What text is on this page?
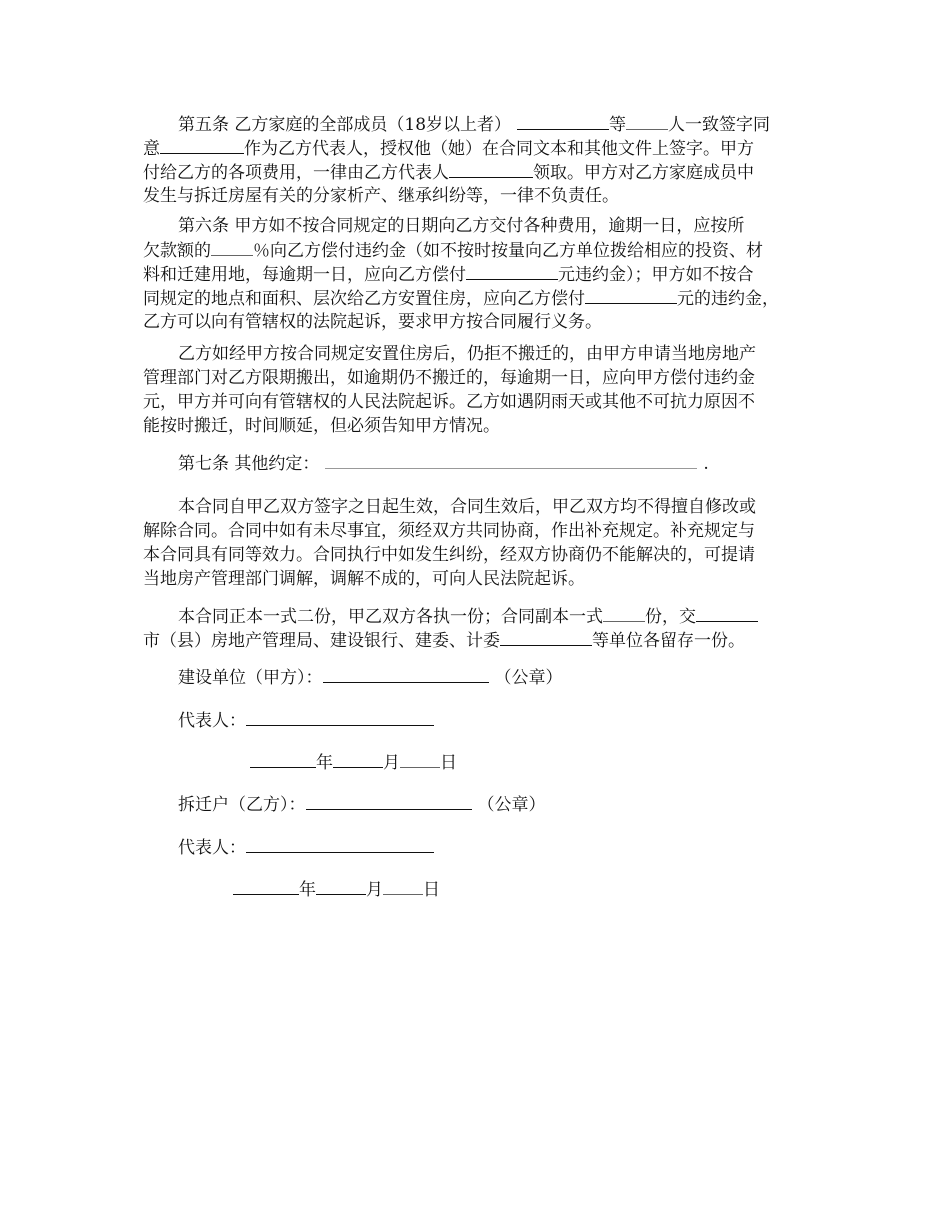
第五条 乙方家庭的全部成员（18岁以上者）	等 人一致签字同
意	作为乙方代表人，授权他（她）在合同文本和其他文件上签字。甲方
付给乙方的各项费用，一律由乙方代表人	领取。甲方对乙方家庭成员中
发生与拆迁房屋有关的分家析产、继承纠纷等，一律不负责任。
第六条 甲方如不按合同规定的日期向乙方交付各种费用，逾期一日，应按所
欠款额的 ％向乙方偿付违约金（如不按时按量向乙方单位拨给相应的投资、材
料和迁建用地，每逾期一日，应向乙方偿付	元违约金）；甲方如不按合
同规定的地点和面积、层次给乙方安置住房，应向乙方偿付	元的违约金，
乙方可以向有管辖权的法院起诉，要求甲方按合同履行义务。
乙方如经甲方按合同规定安置住房后，仍拒不搬迁的，由甲方申请当地房地产
管理部门对乙方限期搬出，如逾期仍不搬迁的，每逾期一日，应向甲方偿付违约金
元，甲方并可向有管辖权的人民法院起诉。乙方如遇阴雨天或其他不可抗力原因不
能按时搬迁，时间顺延，但必须告知甲方情况。
第七条 其他约定：	.
本合同自甲乙双方签字之日起生效，合同生效后，甲乙双方均不得擅自修改或
解除合同。合同中如有未尽事宜，须经双方共同协商，作出补充规定。补充规定与
本合同具有同等效力。合同执行中如发生纠纷，经双方协商仍不能解决的，可提请
当地房产管理部门调解，调解不成的，可向人民法院起诉。
本合同正本一式二份，甲乙双方各执一份；合同副本一式 份，交
市（县）房地产管理局、建设银行、建委、计委	等单位各留存一份。
建设单位（甲方）：	（公章）
代表人：
年	月 日
拆迁户（乙方）：	（公章）
代表人：
年	月 日
